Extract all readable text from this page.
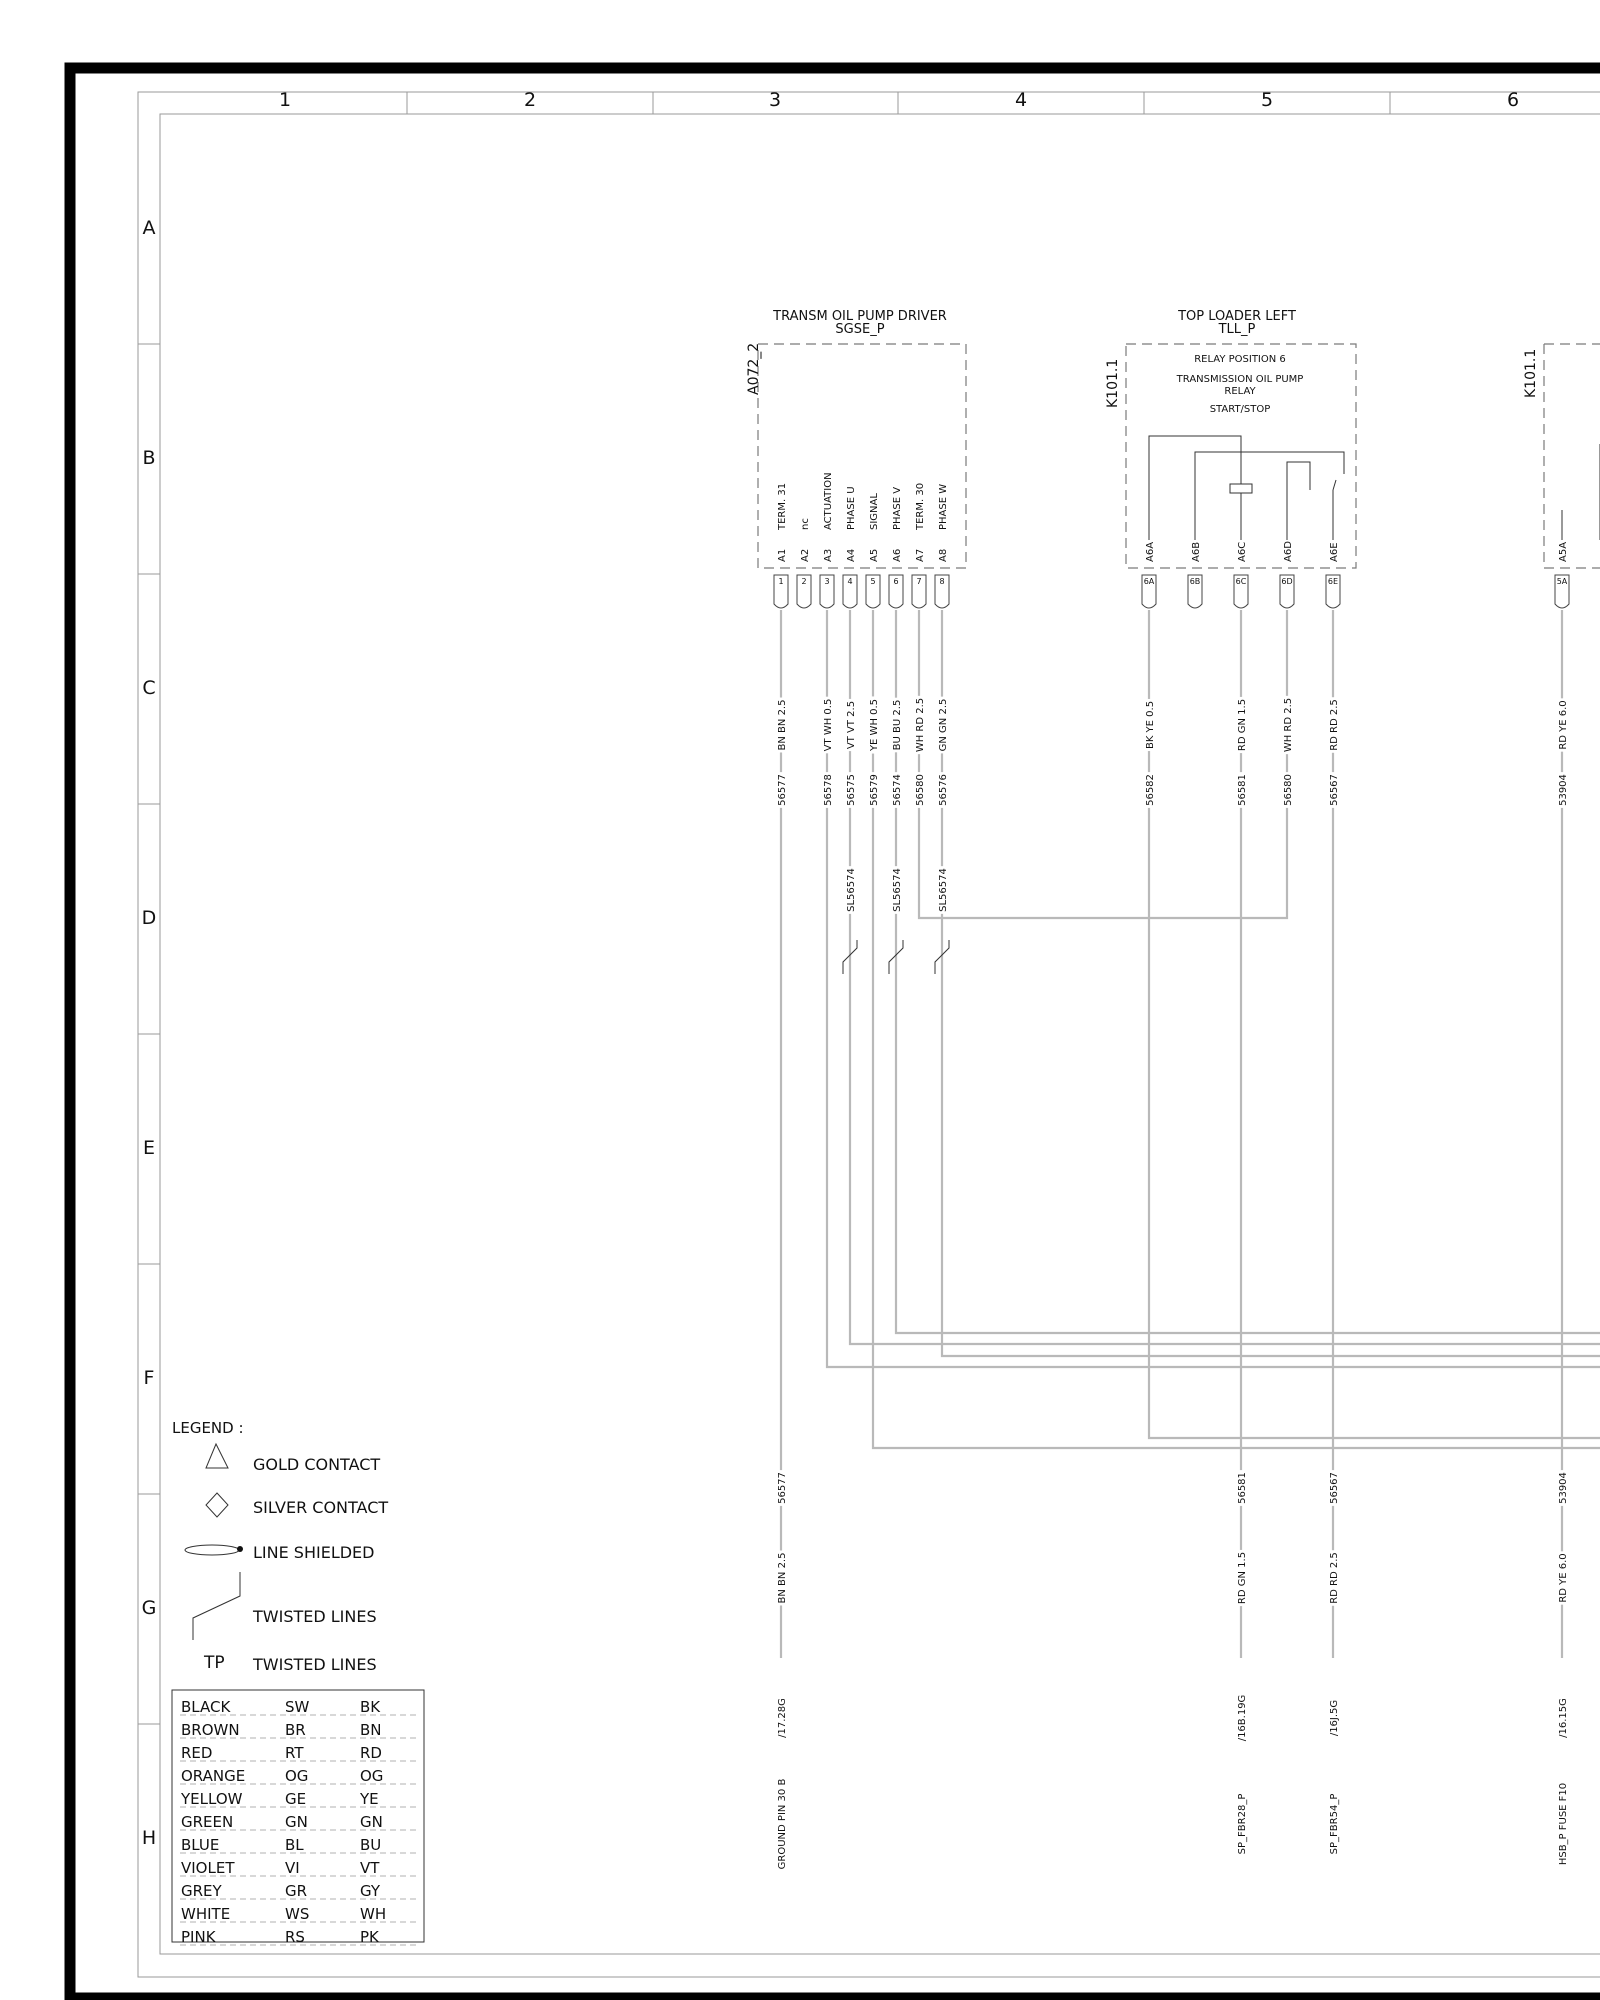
1	2	3	4	5	6
A
B
C
D
E
F
G
H
TRANSM OIL PUMP DRIVER
SGSE_P
A072_2
A1
TERM. 31
1
BN BN 2.5
56577
A2
nc
2
A3
ACTUATION
3
VT WH 0.5
56578
A4
PHASE U
4
VT VT 2.5
56575
A5
SIGNAL
5
YE WH 0.5
56579
A6
PHASE V
6
BU BU 2.5
56574
A7
TERM. 30
7
WH RD 2.5
56580
A8
PHASE W
8
GN GN 2.5
56576
TOP LOADER LEFT
TLL_P
K101.1	RELAY POSITION 6
TRANSMISSION OIL PUMP
RELAY
START/STOP
A6A
6A
BK YE 0.5
56582
A6B
6B
A6C
6C
RD GN 1.5
56581
A6D
6D
WH RD 2.5
56580
A6E
6E
RD RD 2.5
56567
K101.1
A5A
5A
RD YE 6.0
53904
SL56574	SL56574	SL56574
56577
BN BN 2.5
/17.28G
GROUND PIN 30 B
56581
RD GN 1.5
/16B.19G
SP_FBR28_P
56567
RD RD 2.5
/16J.5G
SP_FBR54_P
53904
RD YE 6.0
/16.15G
HSB_P FUSE F10
LEGEND :
GOLD CONTACT
SILVER CONTACT
LINE SHIELDED
TWISTED LINES
TP TWISTED LINES
BLACK	SW	BK
BROWN	BR	BN
RED	RT	RD
ORANGE	OG	OG
YELLOW	GE	YE
GREEN	GN	GN
BLUE	BL	BU
VIOLET	VI	VT
GREY	GR	GY
WHITE	WS	WH
PINK	RS	PK
